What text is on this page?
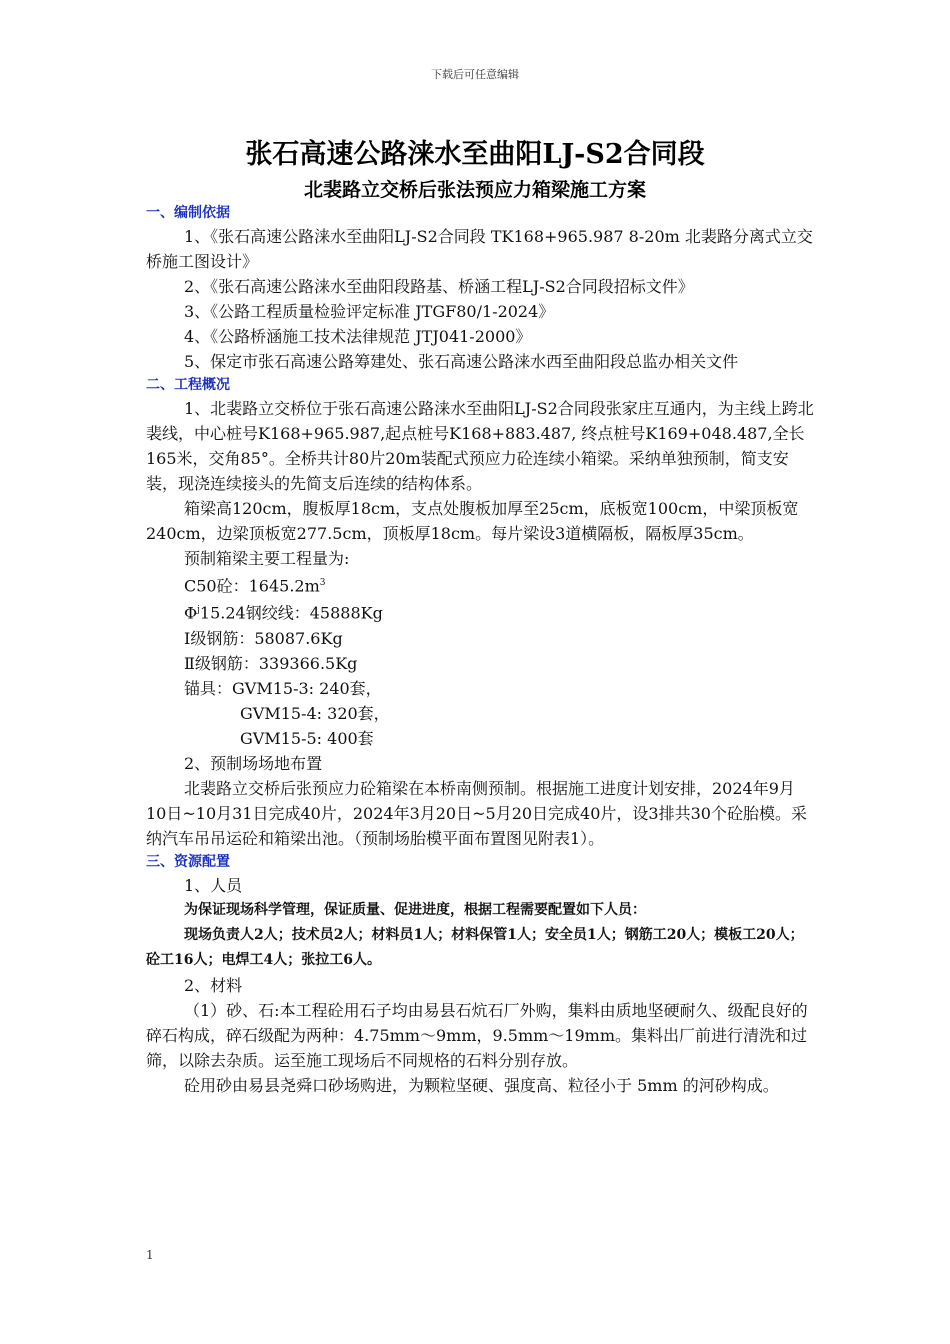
下载后可任意编辑
张石高速公路涞水至曲阳LJ-S2合同段
北裴路立交桥后张法预应力箱梁施工方案
一、编制依据

1、《张石高速公路涞水至曲阳LJ-S2合同段 TK168+965.987 8-20m 北裴路分离式立交桥施工图设计》

2、《张石高速公路涞水至曲阳段路基、桥涵工程LJ-S2合同段招标文件》

3、《公路工程质量检验评定标准 JTGF80/1-2024》

4、《公路桥涵施工技术法律规范 JTJ041-2000》

5、保定市张石高速公路筹建处、张石高速公路涞水西至曲阳段总监办相关文件

二、工程概况

1、北裴路立交桥位于张石高速公路涞水至曲阳LJ-S2合同段张家庄互通内，为主线上跨北裴线，中心桩号K168+965.987,起点桩号K168+883.487, 终点桩号K169+048.487,全长165米，交角85°。全桥共计80片20m装配式预应力砼连续小箱梁。采纳单独预制，简支安装，现浇连续接头的先简支后连续的结构体系。

箱梁高120cm，腹板厚18cm，支点处腹板加厚至25cm，底板宽100cm，中梁顶板宽240cm，边梁顶板宽277.5cm，顶板厚18cm。每片梁设3道横隔板，隔板厚35cm。

预制箱梁主要工程量为:

C50砼：$1645.2m^3$

$\Phi^j15.24$钢绞线：45888Kg

Ⅰ级钢筋：58087.6Kg

Ⅱ级钢筋：339366.5Kg

锚具：GVM15-3: 240套，

GVM15-4: 320套，

GVM15-5: 400套

2、预制场场地布置

北裴路立交桥后张预应力砼箱梁在本桥南侧预制。根据施工进度计划安排，2024年9月10日~10月31日完成40片，2024年3月20日~5月20日完成40片，设3排共30个砼胎模。采纳汽车吊吊运砼和箱梁出池。（预制场胎模平面布置图见附表1）。

三、资源配置

1、人员

为保证现场科学管理，保证质量、促进进度，根据工程需要配置如下人员：

现场负责人2人；技术员2人；材料员1人；材料保管1人；安全员1人；钢筋工20人；模板工20人；砼工16人；电焊工4人；张拉工6人。

2、材料

（1）砂、石:本工程砼用石子均由易县石炕石厂外购，集料由质地坚硬耐久、级配良好的碎石构成，碎石级配为两种：4.75mm～9mm，9.5mm～19mm。集料出厂前进行清洗和过筛，以除去杂质。运至施工现场后不同规格的石料分别存放。

砼用砂由易县尧舜口砂场购进，为颗粒坚硬、强度高、粒径小于 5mm 的河砂构成。

1
